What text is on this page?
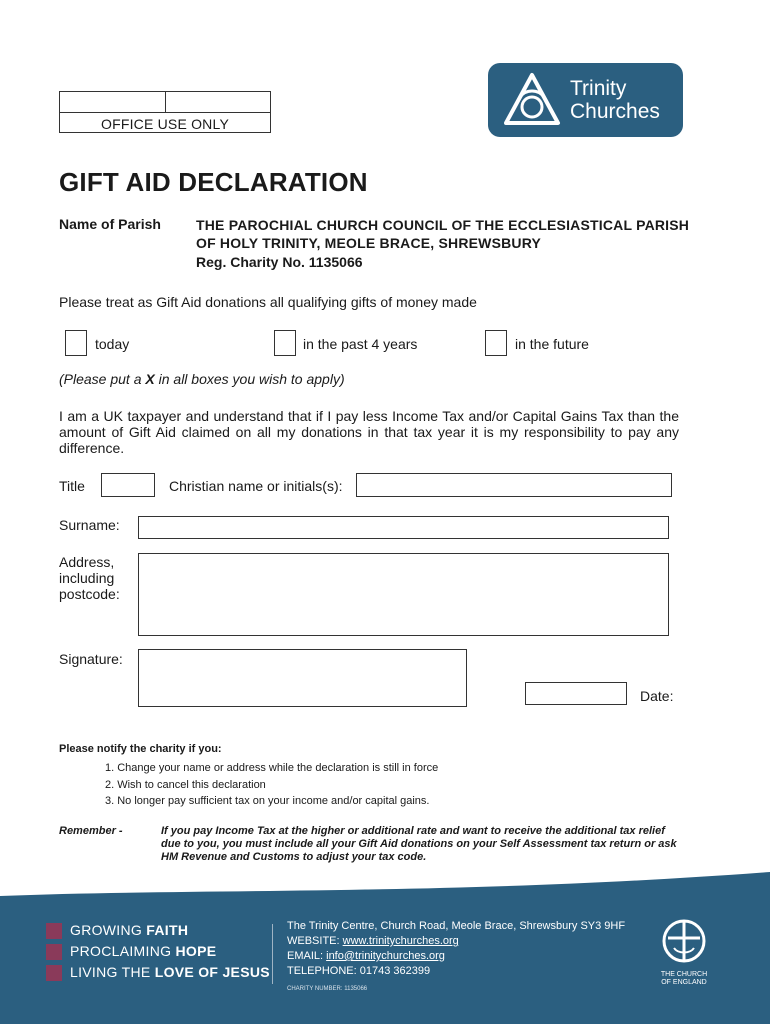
OFFICE USE ONLY
Trinity
Churches
GIFT AID DECLARATION
Name of Parish	THE PAROCHIAL CHURCH COUNCIL OF THE ECCLESIASTICAL PARISH OF HOLY TRINITY, MEOLE BRACE, SHREWSBURY
Reg. Charity No. 1135066
Please treat as Gift Aid donations all qualifying gifts of money made
today	in the past 4 years	in the future
(Please put a X in all boxes you wish to apply)
I am a UK taxpayer and understand that if I pay less Income Tax and/or Capital Gains Tax than the amount of Gift Aid claimed on all my donations in that tax year it is my responsibility to pay any difference.
Title	Christian name or initials(s):
Surname:
Address,
including
postcode:
Signature:
Date:
Please notify the charity if you:
1. Change your name or address while the declaration is still in force
2. Wish to cancel this declaration
3. No longer pay sufficient tax on your income and/or capital gains.
Remember -	If you pay Income Tax at the higher or additional rate and want to receive the additional tax relief due to you, you must include all your Gift Aid donations on your Self Assessment tax return or ask HM Revenue and Customs to adjust your tax code.
GROWING FAITH
PROCLAIMING HOPE
LIVING THE LOVE OF JESUS
The Trinity Centre, Church Road, Meole Brace, Shrewsbury SY3 9HF
WEBSITE: www.trinitychurches.org
EMAIL: info@trinitychurches.org
TELEPHONE: 01743 362399
CHARITY NUMBER: 1135066
THE CHURCH
OF ENGLAND
